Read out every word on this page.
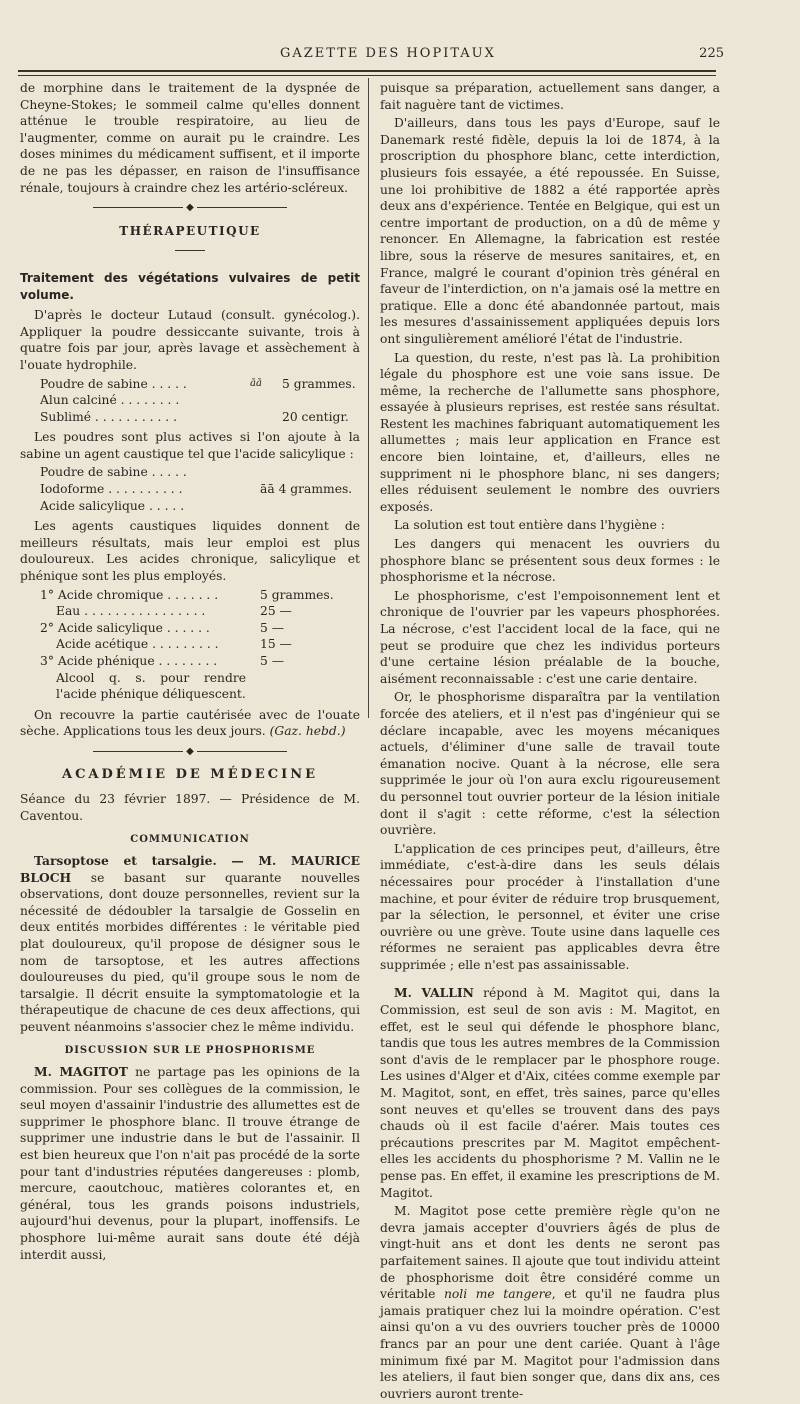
GAZETTE DES HOPITAUX	225

de morphine dans le traitement de la dyspnée de Cheyne-Stokes; le sommeil calme qu'elles donnent atténue le trouble respiratoire, au lieu de l'augmenter, comme on aurait pu le craindre. Les doses minimes du médicament suffisent, et il importe de ne pas les dépasser, en raison de l'insuffisance rénale, toujours à craindre chez les artério-scléreux.

◆
THÉRAPEUTIQUE
Traitement des végétations vulvaires de petit volume.

D'après le docteur Lutaud (consult. gynécolog.). Appliquer la poudre dessiccante suivante, trois à quatre fois par jour, après lavage et assèchement à l'ouate hydrophile.

Poudre de sabine . . . . .	āā	5 grammes.
Alun calciné . . . . . . . .
Sublimé . . . . . . . . . . .	20 centigr.

Les poudres sont plus actives si l'on ajoute à la sabine un agent caustique tel que l'acide salicylique :

Poudre de sabine . . . . .
Iodoforme . . . . . . . . . .	āā 4 grammes.
Acide salicylique . . . . .

Les agents caustiques liquides donnent de meilleurs résultats, mais leur emploi est plus douloureux. Les acides chronique, salicylique et phénique sont les plus employés.

1° Acide chromique . . . . . . .	5 grammes.
Eau . . . . . . . . . . . . . . . .	25 —
2° Acide salicylique . . . . . .	5 —
Acide acétique . . . . . . . . .	15 —
3° Acide phénique . . . . . . . .	5 —
Alcool q. s. pour rendre l'acide phénique déliquescent.

On recouvre la partie cautérisée avec de l'ouate sèche. Applications tous les deux jours. (Gaz. hebd.)

◆
ACADÉMIE DE MÉDECINE

Séance du 23 février 1897. — Présidence de M. Caventou.

COMMUNICATION

Tarsoptose et tarsalgie. — M. MAURICE BLOCH se basant sur quarante nouvelles observations, dont douze personnelles, revient sur la nécessité de dédoubler la tarsalgie de Gosselin en deux entités morbides différentes : le véritable pied plat douloureux, qu'il propose de désigner sous le nom de tarsoptose, et les autres affections douloureuses du pied, qu'il groupe sous le nom de tarsalgie. Il décrit ensuite la symptomatologie et la thérapeutique de chacune de ces deux affections, qui peuvent néanmoins s'associer chez le même individu.

DISCUSSION SUR LE PHOSPHORISME

M. MAGITOT ne partage pas les opinions de la commission. Pour ses collègues de la commission, le seul moyen d'assainir l'industrie des allumettes est de supprimer le phosphore blanc. Il trouve étrange de supprimer une industrie dans le but de l'assainir. Il est bien heureux que l'on n'ait pas procédé de la sorte pour tant d'industries réputées dangereuses : plomb, mercure, caoutchouc, matières colorantes et, en général, tous les grands poisons industriels, aujourd'hui devenus, pour la plupart, inoffensifs. Le phosphore lui-même aurait sans doute été déjà interdit aussi,

puisque sa préparation, actuellement sans danger, a fait naguère tant de victimes.

D'ailleurs, dans tous les pays d'Europe, sauf le Danemark resté fidèle, depuis la loi de 1874, à la proscription du phosphore blanc, cette interdiction, plusieurs fois essayée, a été repoussée. En Suisse, une loi prohibitive de 1882 a été rapportée après deux ans d'expérience. Tentée en Belgique, qui est un centre important de production, on a dû de même y renoncer. En Allemagne, la fabrication est restée libre, sous la réserve de mesures sanitaires, et, en France, malgré le courant d'opinion très général en faveur de l'interdiction, on n'a jamais osé la mettre en pratique. Elle a donc été abandonnée partout, mais les mesures d'assainissement appliquées depuis lors ont singulièrement amélioré l'état de l'industrie.

La question, du reste, n'est pas là. La prohibition légale du phosphore est une voie sans issue. De même, la recherche de l'allumette sans phosphore, essayée à plusieurs reprises, est restée sans résultat. Restent les machines fabriquant automatiquement les allumettes ; mais leur application en France est encore bien lointaine, et, d'ailleurs, elles ne suppriment ni le phosphore blanc, ni ses dangers; elles réduisent seulement le nombre des ouvriers exposés.

La solution est tout entière dans l'hygiène :

Les dangers qui menacent les ouvriers du phosphore blanc se présentent sous deux formes : le phosphorisme et la nécrose.

Le phosphorisme, c'est l'empoisonnement lent et chronique de l'ouvrier par les vapeurs phosphorées. La nécrose, c'est l'accident local de la face, qui ne peut se produire que chez les individus porteurs d'une certaine lésion préalable de la bouche, aisément reconnaissable : c'est une carie dentaire.

Or, le phosphorisme disparaîtra par la ventilation forcée des ateliers, et il n'est pas d'ingénieur qui se déclare incapable, avec les moyens mécaniques actuels, d'éliminer d'une salle de travail toute émanation nocive. Quant à la nécrose, elle sera supprimée le jour où l'on aura exclu rigoureusement du personnel tout ouvrier porteur de la lésion initiale dont il s'agit : cette réforme, c'est la sélection ouvrière.

L'application de ces principes peut, d'ailleurs, être immédiate, c'est-à-dire dans les seuls délais nécessaires pour procéder à l'installation d'une machine, et pour éviter de réduire trop brusquement, par la sélection, le personnel, et éviter une crise ouvrière ou une grève. Toute usine dans laquelle ces réformes ne seraient pas applicables devra être supprimée ; elle n'est pas assainissable.

M. VALLIN répond à M. Magitot qui, dans la Commission, est seul de son avis : M. Magitot, en effet, est le seul qui défende le phosphore blanc, tandis que tous les autres membres de la Commission sont d'avis de le remplacer par le phosphore rouge. Les usines d'Alger et d'Aix, citées comme exemple par M. Magitot, sont, en effet, très saines, parce qu'elles sont neuves et qu'elles se trouvent dans des pays chauds où il est facile d'aérer. Mais toutes ces précautions prescrites par M. Magitot empêchent-elles les accidents du phosphorisme ? M. Vallin ne le pense pas. En effet, il examine les prescriptions de M. Magitot.

M. Magitot pose cette première règle qu'on ne devra jamais accepter d'ouvriers âgés de plus de vingt-huit ans et dont les dents ne seront pas parfaitement saines. Il ajoute que tout individu atteint de phosphorisme doit être considéré comme un véritable noli me tangere, et qu'il ne faudra plus jamais pratiquer chez lui la moindre opération. C'est ainsi qu'on a vu des ouvriers toucher près de 10000 francs par an pour une dent cariée. Quant à l'âge minimum fixé par M. Magitot pour l'admission dans les ateliers, il faut bien songer que, dans dix ans, ces ouvriers auront trente-
